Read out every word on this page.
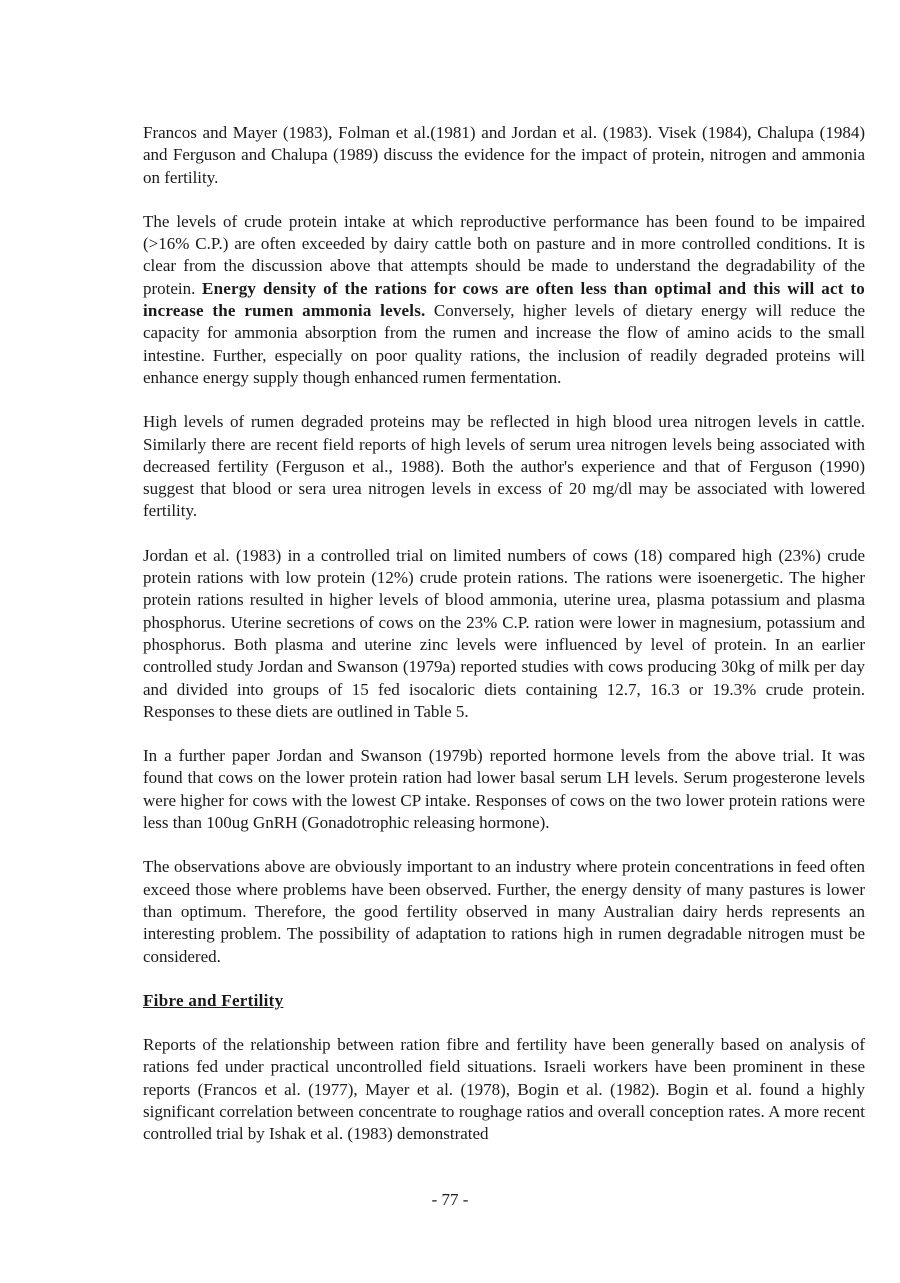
Francos and Mayer (1983), Folman et al.(1981) and Jordan et al. (1983). Visek (1984), Chalupa (1984) and Ferguson and Chalupa (1989) discuss the evidence for the impact of protein, nitrogen and ammonia on fertility.

The levels of crude protein intake at which reproductive performance has been found to be impaired (>16% C.P.) are often exceeded by dairy cattle both on pasture and in more controlled conditions. It is clear from the discussion above that attempts should be made to understand the degradability of the protein. Energy density of the rations for cows are often less than optimal and this will act to increase the rumen ammonia levels. Conversely, higher levels of dietary energy will reduce the capacity for ammonia absorption from the rumen and increase the flow of amino acids to the small intestine. Further, especially on poor quality rations, the inclusion of readily degraded proteins will enhance energy supply though enhanced rumen fermentation.

High levels of rumen degraded proteins may be reflected in high blood urea nitrogen levels in cattle. Similarly there are recent field reports of high levels of serum urea nitrogen levels being associated with decreased fertility (Ferguson et al., 1988). Both the author's experience and that of Ferguson (1990) suggest that blood or sera urea nitrogen levels in excess of 20 mg/dl may be associated with lowered fertility.

Jordan et al. (1983) in a controlled trial on limited numbers of cows (18) compared high (23%) crude protein rations with low protein (12%) crude protein rations. The rations were isoenergetic. The higher protein rations resulted in higher levels of blood ammonia, uterine urea, plasma potassium and plasma phosphorus. Uterine secretions of cows on the 23% C.P. ration were lower in magnesium, potassium and phosphorus. Both plasma and uterine zinc levels were influenced by level of protein. In an earlier controlled study Jordan and Swanson (1979a) reported studies with cows producing 30kg of milk per day and divided into groups of 15 fed isocaloric diets containing 12.7, 16.3 or 19.3% crude protein. Responses to these diets are outlined in Table 5.

In a further paper Jordan and Swanson (1979b) reported hormone levels from the above trial. It was found that cows on the lower protein ration had lower basal serum LH levels. Serum progesterone levels were higher for cows with the lowest CP intake. Responses of cows on the two lower protein rations were less than 100ug GnRH (Gonadotrophic releasing hormone).

The observations above are obviously important to an industry where protein concentrations in feed often exceed those where problems have been observed. Further, the energy density of many pastures is lower than optimum. Therefore, the good fertility observed in many Australian dairy herds represents an interesting problem. The possibility of adaptation to rations high in rumen degradable nitrogen must be considered.

Fibre and Fertility

Reports of the relationship between ration fibre and fertility have been generally based on analysis of rations fed under practical uncontrolled field situations. Israeli workers have been prominent in these reports (Francos et al. (1977), Mayer et al. (1978), Bogin et al. (1982). Bogin et al. found a highly significant correlation between concentrate to roughage ratios and overall conception rates. A more recent controlled trial by Ishak et al. (1983) demonstrated

- 77 -
